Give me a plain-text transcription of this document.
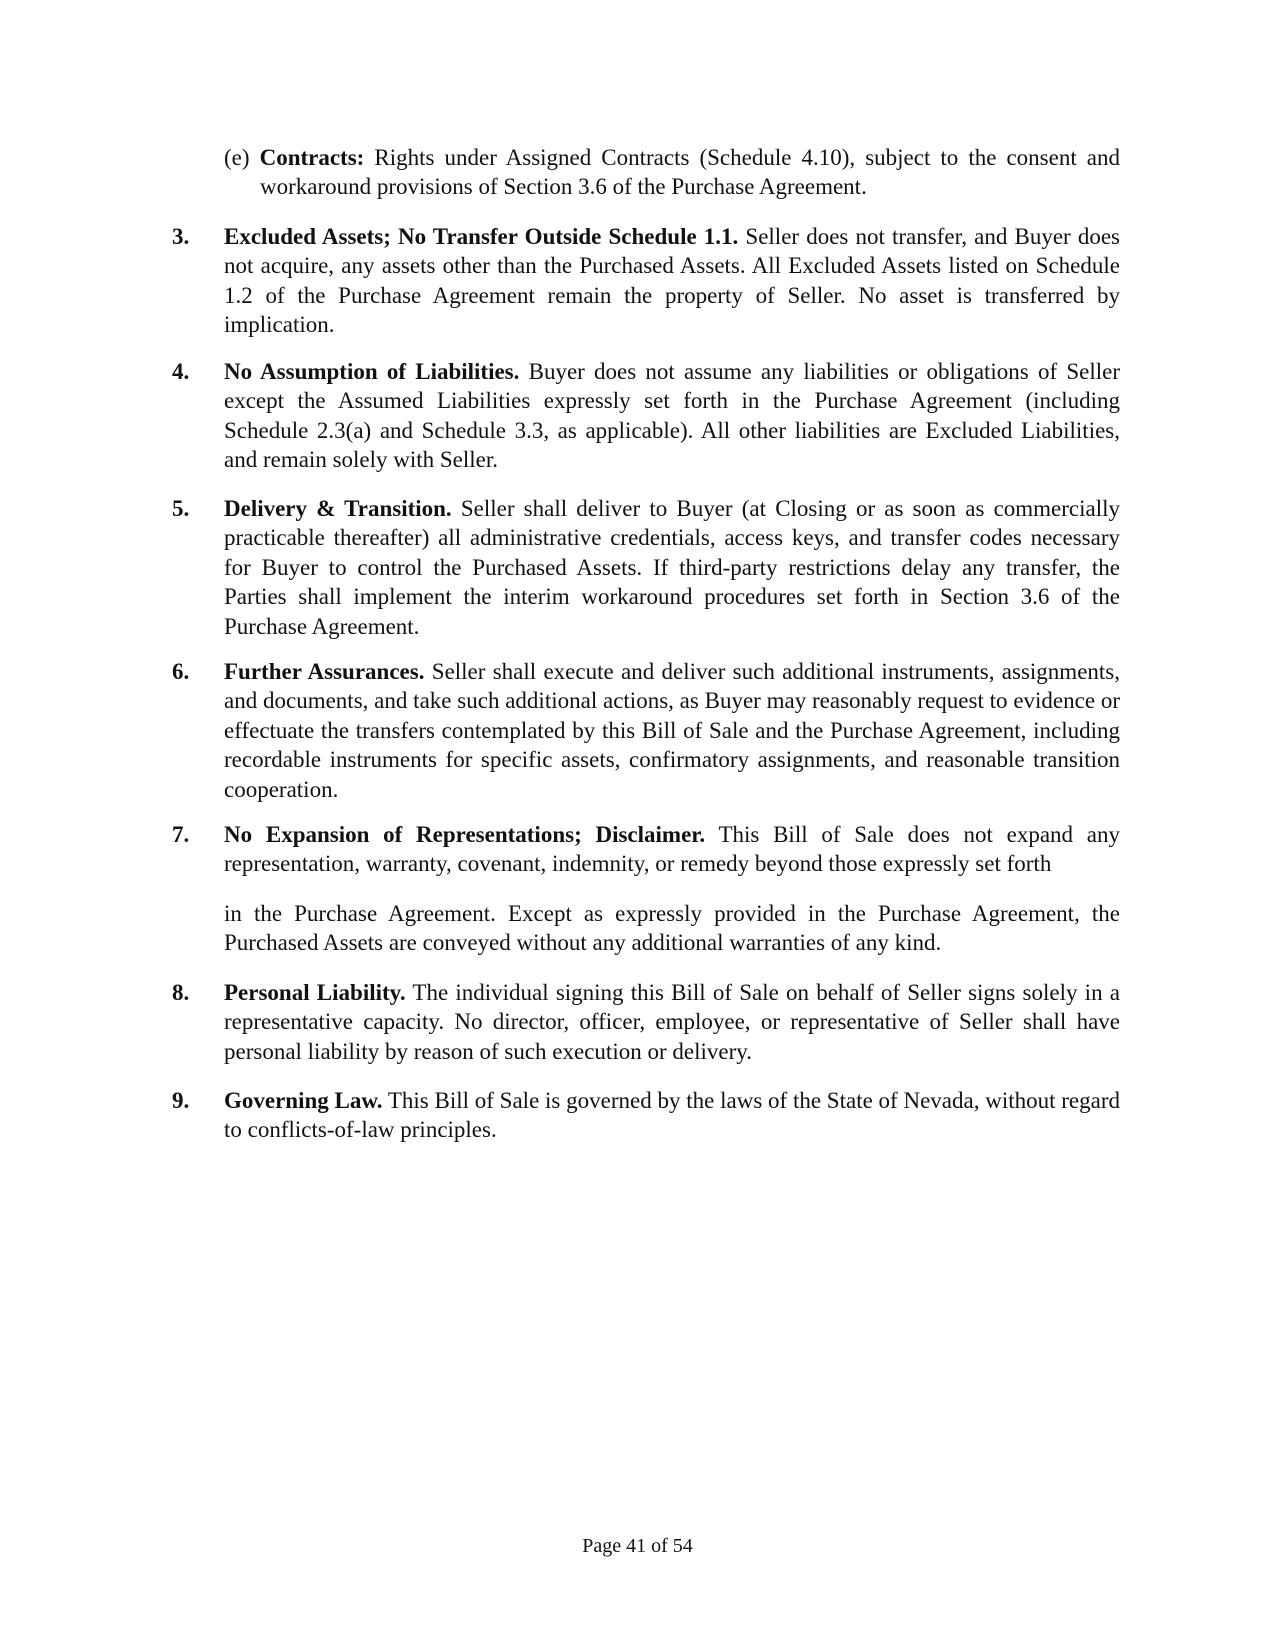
(e) Contracts: Rights under Assigned Contracts (Schedule 4.10), subject to the consent and workaround provisions of Section 3.6 of the Purchase Agreement.

3. Excluded Assets; No Transfer Outside Schedule 1.1. Seller does not transfer, and Buyer does not acquire, any assets other than the Purchased Assets. All Excluded Assets listed on Schedule 1.2 of the Purchase Agreement remain the property of Seller. No asset is transferred by implication.

4. No Assumption of Liabilities. Buyer does not assume any liabilities or obligations of Seller except the Assumed Liabilities expressly set forth in the Purchase Agreement (including Schedule 2.3(a) and Schedule 3.3, as applicable). All other liabilities are Excluded Liabilities, and remain solely with Seller.

5. Delivery & Transition. Seller shall deliver to Buyer (at Closing or as soon as commercially practicable thereafter) all administrative credentials, access keys, and transfer codes necessary for Buyer to control the Purchased Assets. If third-party restrictions delay any transfer, the Parties shall implement the interim workaround procedures set forth in Section 3.6 of the Purchase Agreement.

6. Further Assurances. Seller shall execute and deliver such additional instruments, assignments, and documents, and take such additional actions, as Buyer may reasonably request to evidence or effectuate the transfers contemplated by this Bill of Sale and the Purchase Agreement, including recordable instruments for specific assets, confirmatory assignments, and reasonable transition cooperation.

7. No Expansion of Representations; Disclaimer. This Bill of Sale does not expand any representation, warranty, covenant, indemnity, or remedy beyond those expressly set forth

in the Purchase Agreement. Except as expressly provided in the Purchase Agreement, the Purchased Assets are conveyed without any additional warranties of any kind.

8. Personal Liability. The individual signing this Bill of Sale on behalf of Seller signs solely in a representative capacity. No director, officer, employee, or representative of Seller shall have personal liability by reason of such execution or delivery.

9. Governing Law. This Bill of Sale is governed by the laws of the State of Nevada, without regard to conflicts-of-law principles.

Page 41 of 54
